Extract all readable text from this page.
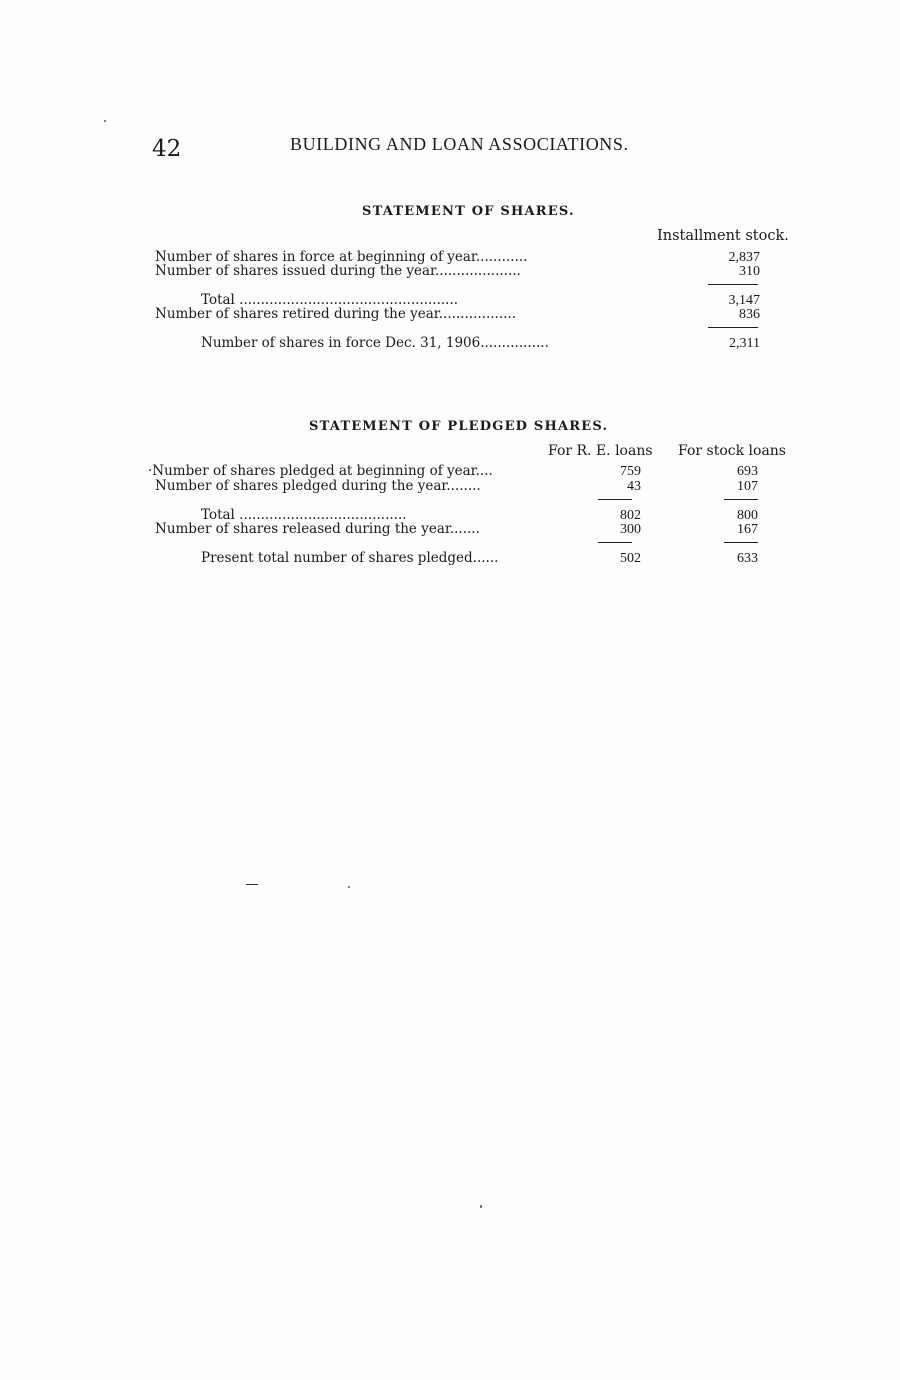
42	BUILDING AND LOAN ASSOCIATIONS.
STATEMENT OF SHARES.
Installment stock.
Number of shares in force at beginning of year............	2,837
Number of shares issued during the year....................	310
Total ...................................................	3,147
Number of shares retired during the year..................	836
Number of shares in force Dec. 31, 1906................	2,311
STATEMENT OF PLEDGED SHARES.
For R. E. loans For stock loans
·Number of shares pledged at beginning of year....	759	693
Number of shares pledged during the year........	43	107
Total .......................................	802	800
Number of shares released during the year.......	300	167
Present total number of shares pledged......	502	633
